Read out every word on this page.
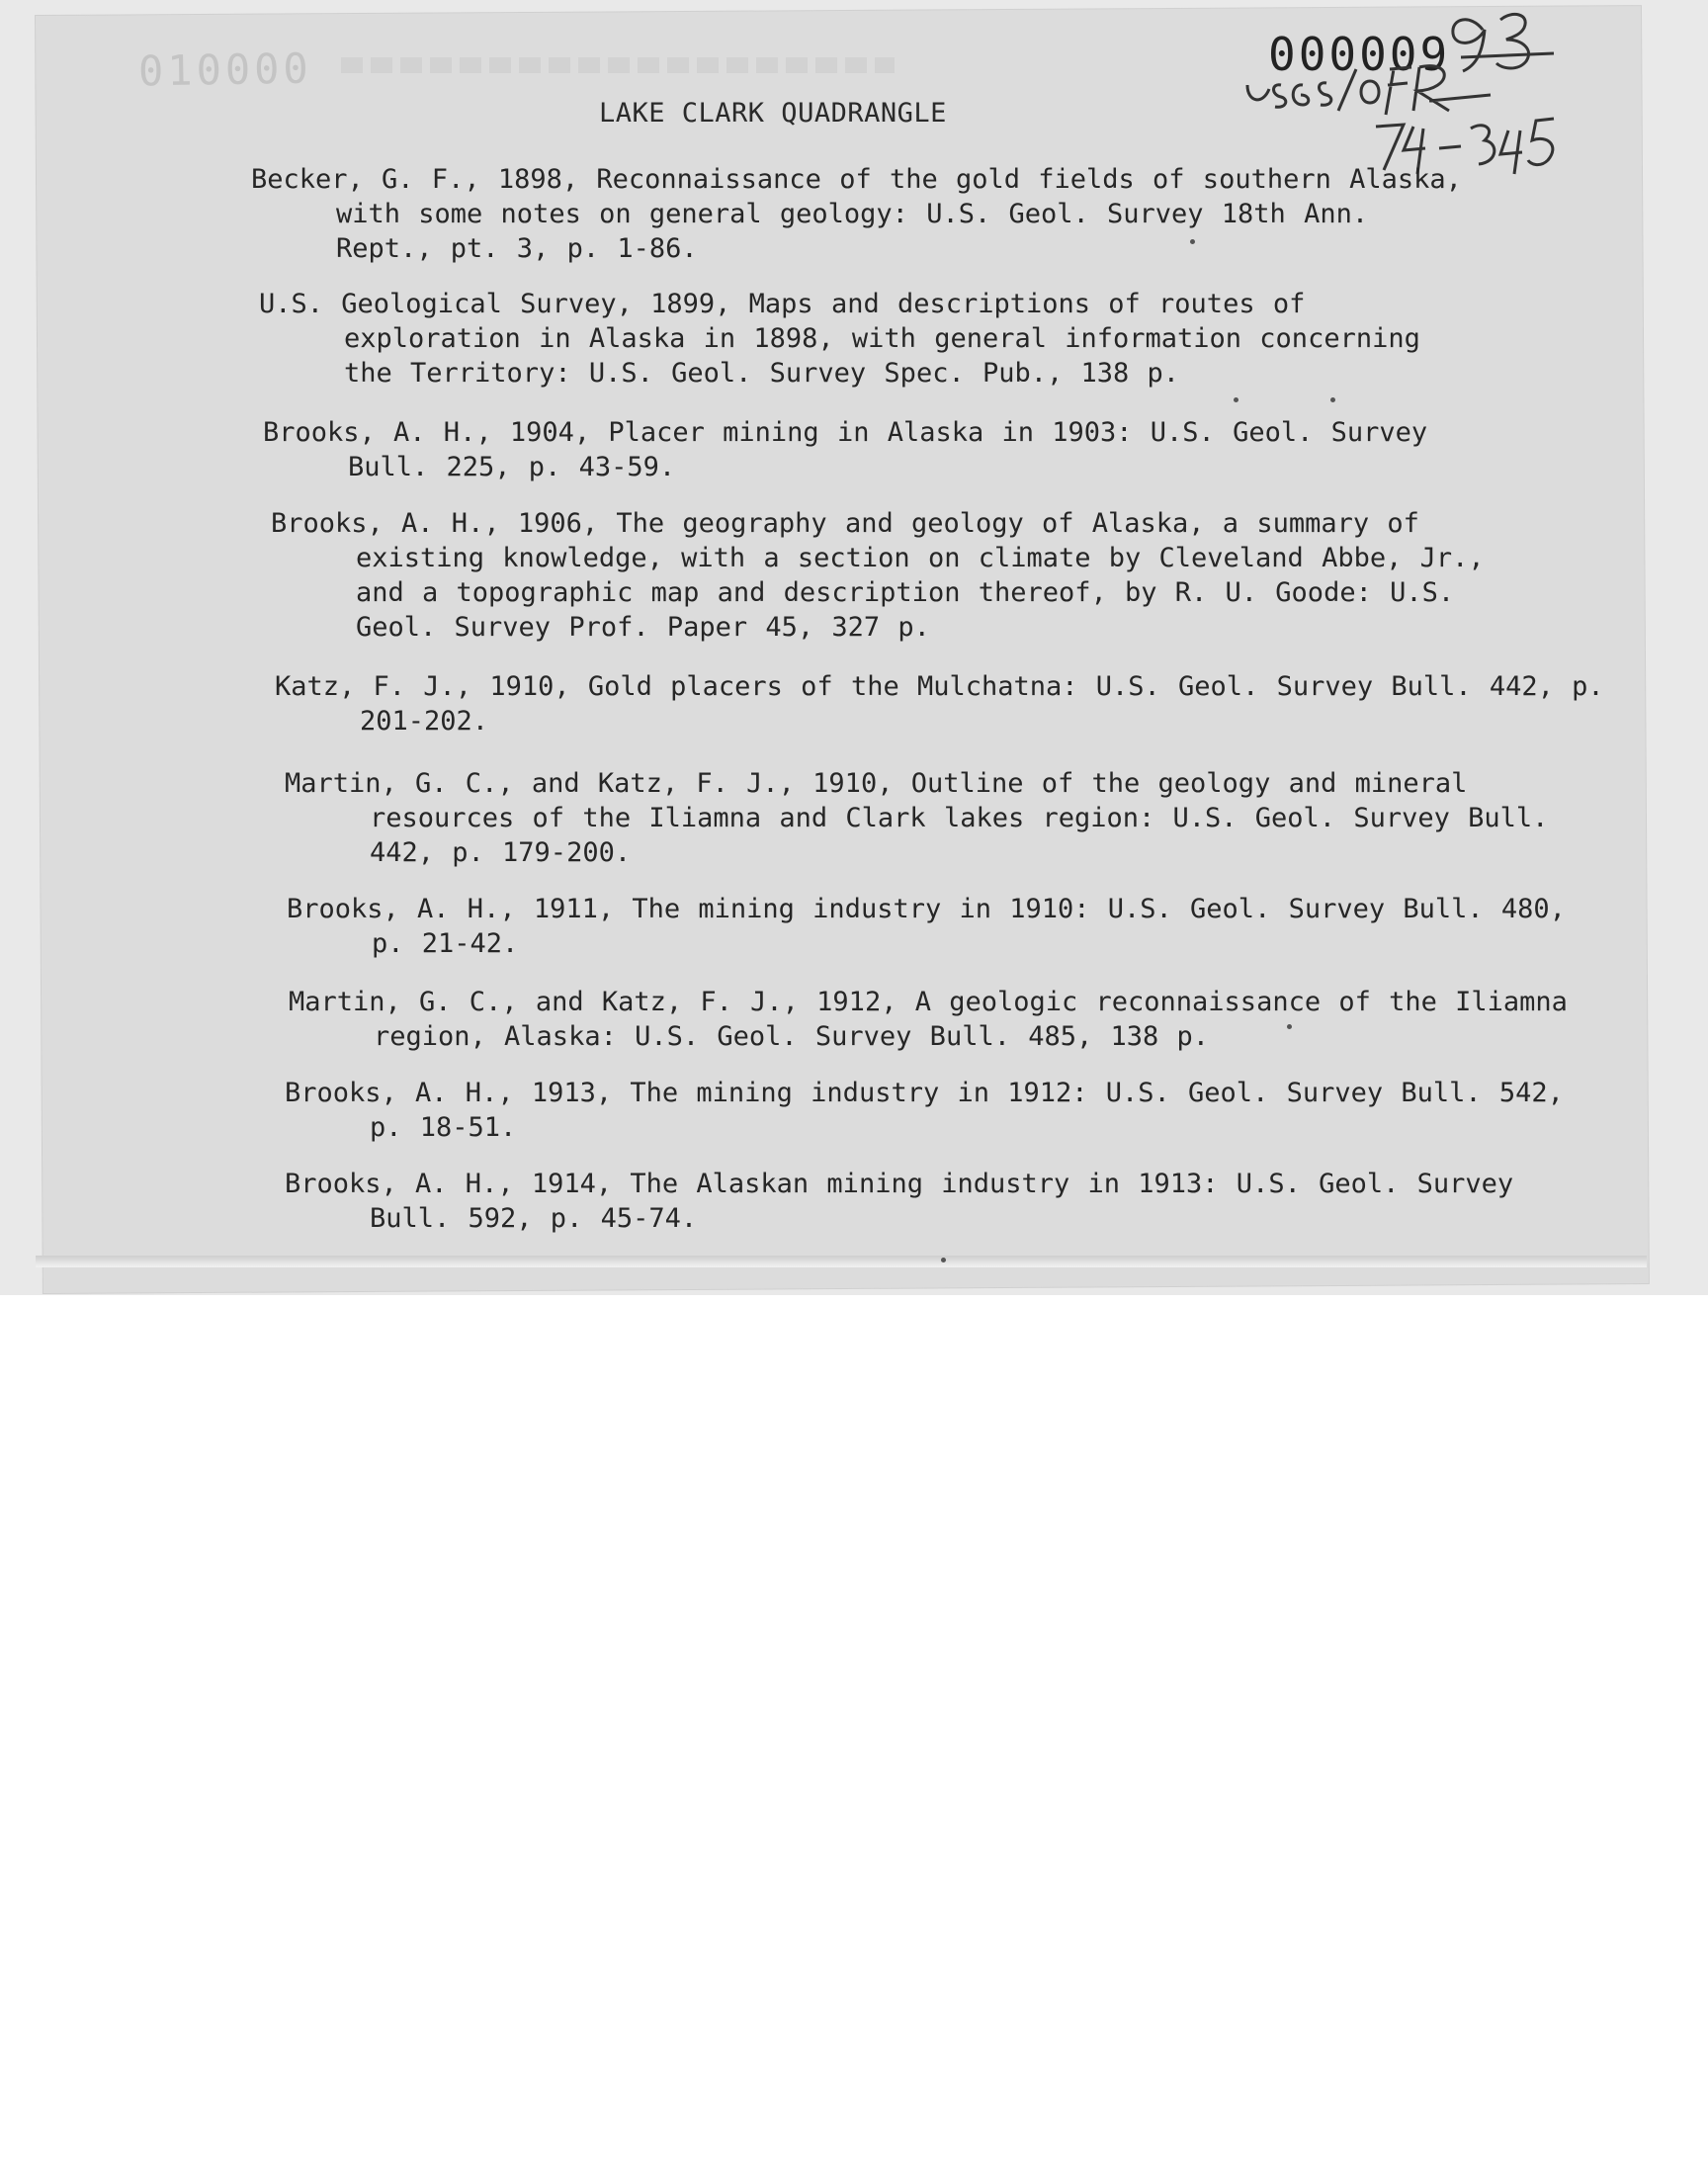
010000	000009
LAKE CLARK QUADRANGLE
Becker, G. F., 1898, Reconnaissance of the gold fields of southern Alaska, with some notes on general geology: U.S. Geol. Survey 18th Ann. Rept., pt. 3, p. 1-86.
U.S. Geological Survey, 1899, Maps and descriptions of routes of exploration in Alaska in 1898, with general information concerning the Territory: U.S. Geol. Survey Spec. Pub., 138 p.
Brooks, A. H., 1904, Placer mining in Alaska in 1903: U.S. Geol. Survey Bull. 225, p. 43-59.
Brooks, A. H., 1906, The geography and geology of Alaska, a summary of existing knowledge, with a section on climate by Cleveland Abbe, Jr., and a topographic map and description thereof, by R. U. Goode: U.S. Geol. Survey Prof. Paper 45, 327 p.
Katz, F. J., 1910, Gold placers of the Mulchatna: U.S. Geol. Survey Bull. 442, p. 201-202.
Martin, G. C., and Katz, F. J., 1910, Outline of the geology and mineral resources of the Iliamna and Clark lakes region: U.S. Geol. Survey Bull. 442, p. 179-200.
Brooks, A. H., 1911, The mining industry in 1910: U.S. Geol. Survey Bull. 480, p. 21-42.
Martin, G. C., and Katz, F. J., 1912, A geologic reconnaissance of the Iliamna region, Alaska: U.S. Geol. Survey Bull. 485, 138 p.
Brooks, A. H., 1913, The mining industry in 1912: U.S. Geol. Survey Bull. 542, p. 18-51.
Brooks, A. H., 1914, The Alaskan mining industry in 1913: U.S. Geol. Survey Bull. 592, p. 45-74.
